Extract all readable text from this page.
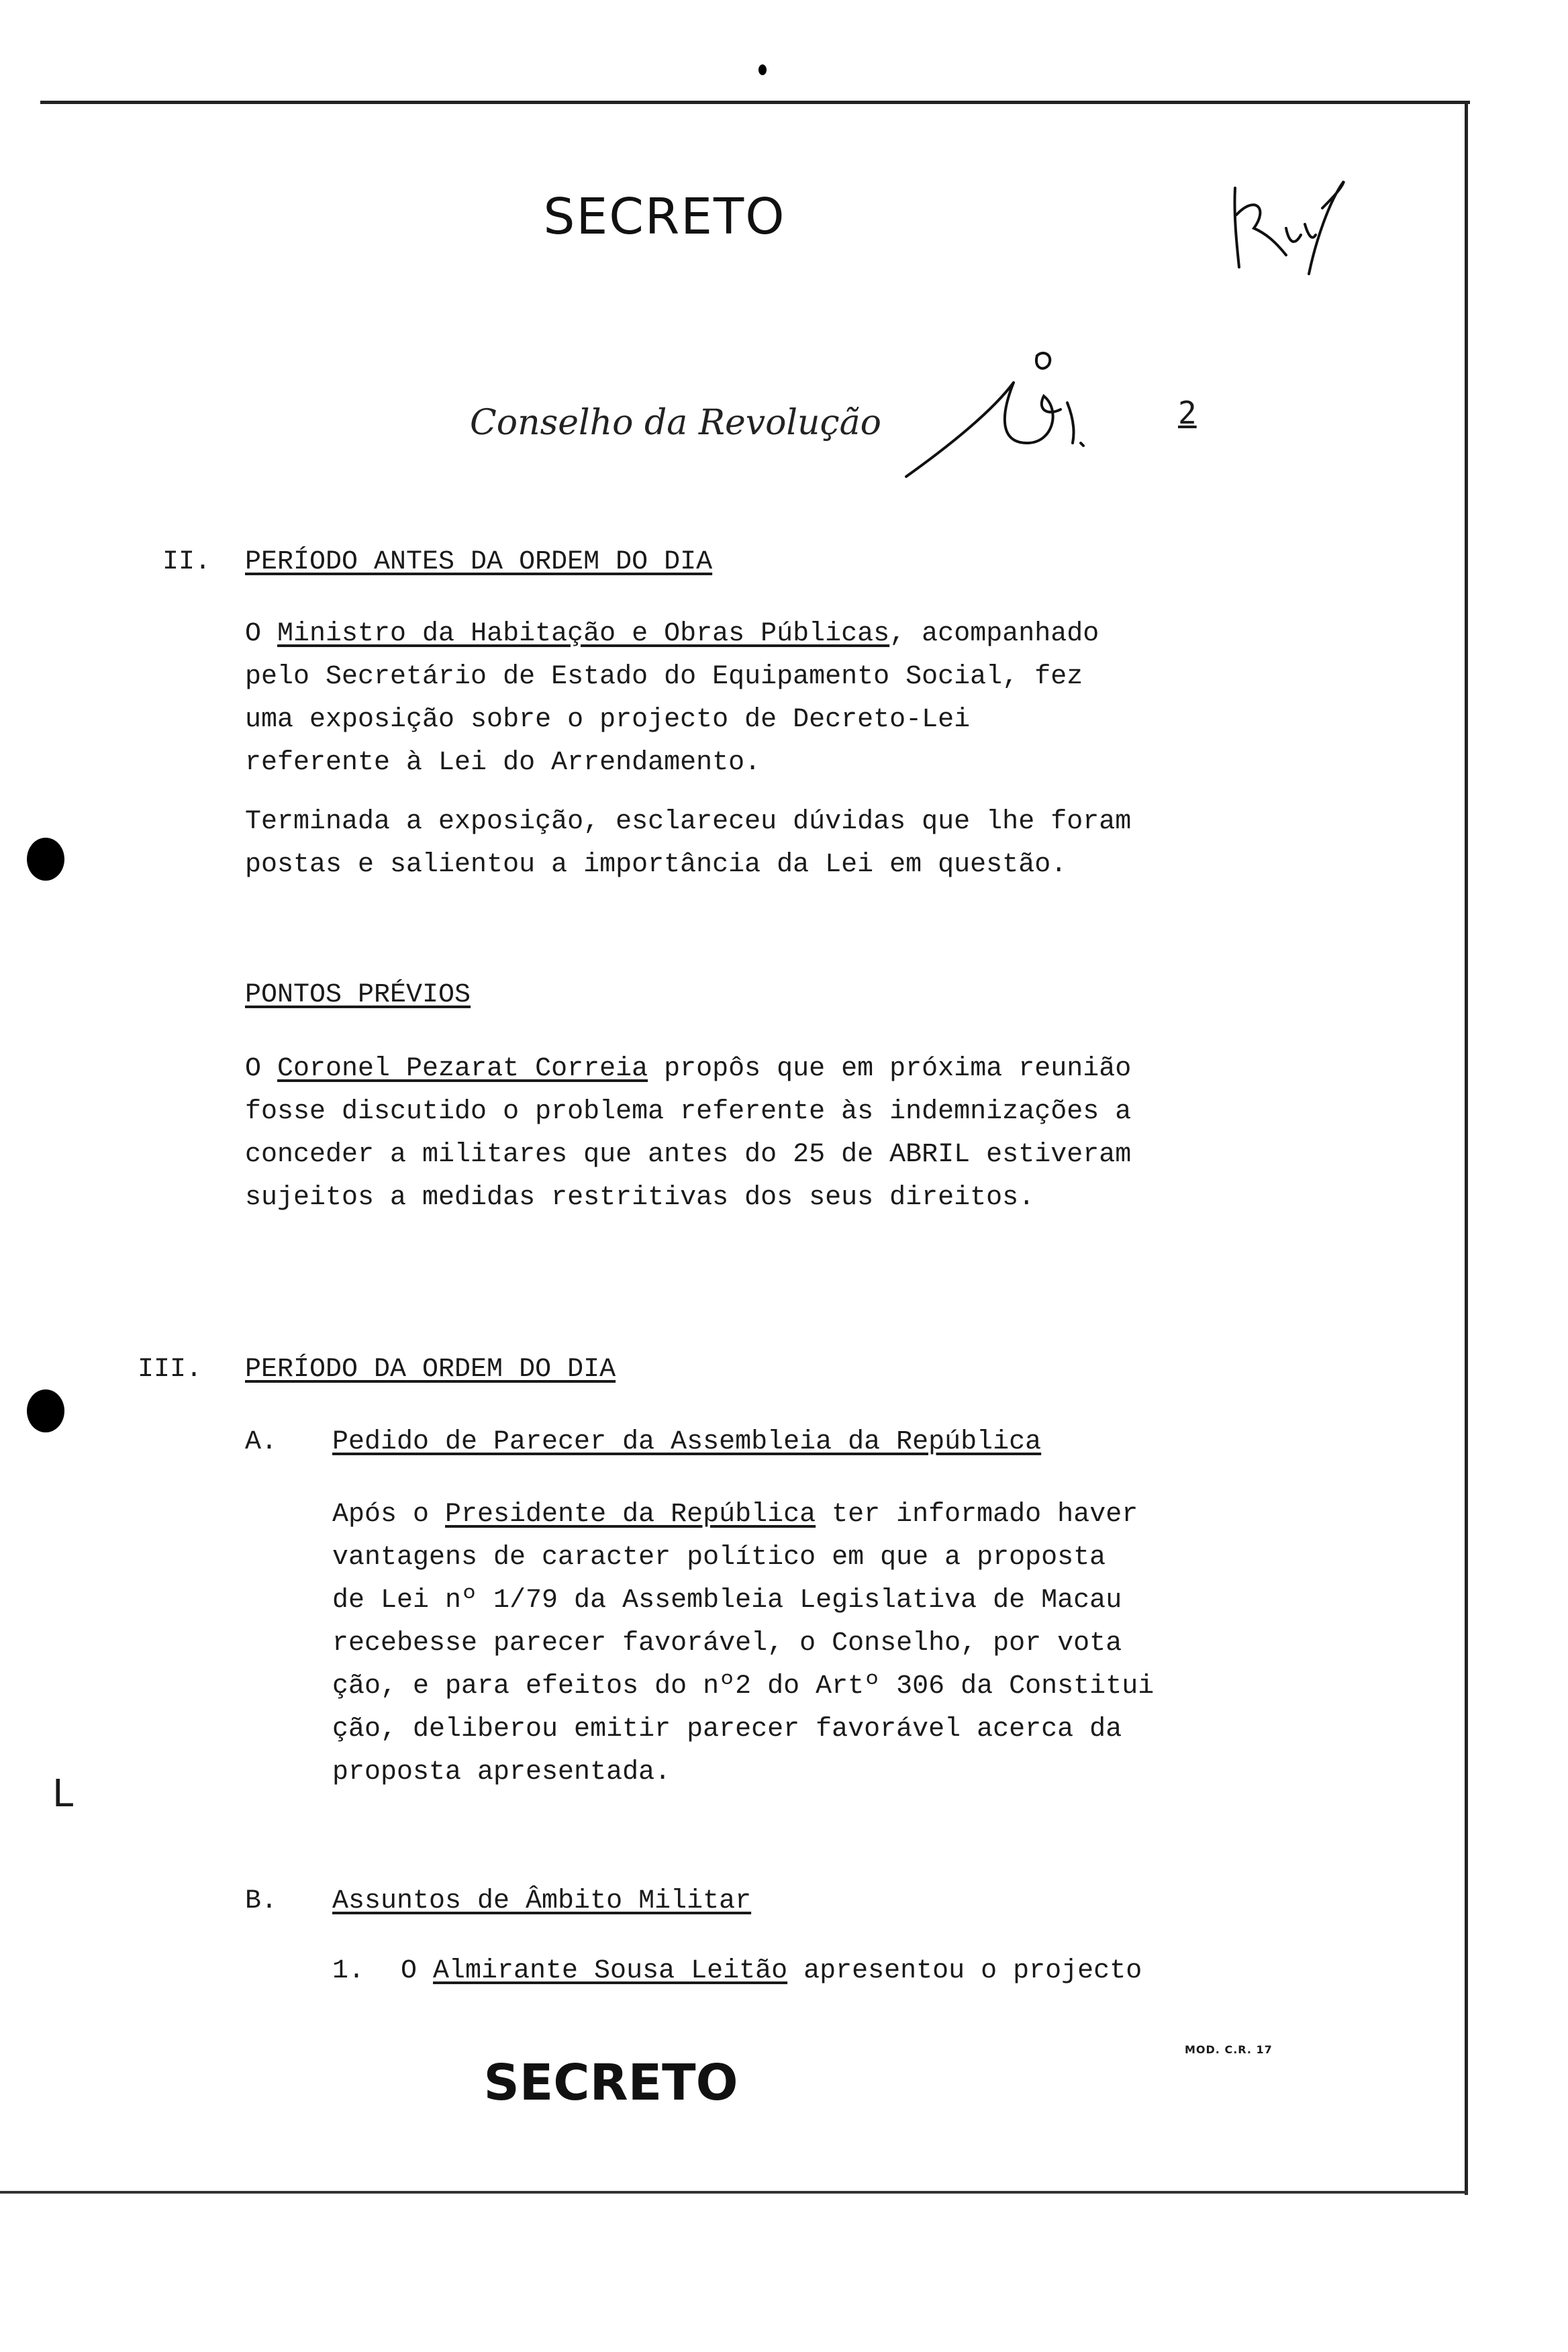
SECRETO
Conselho da Revolução	2
II. PERÍODO ANTES DA ORDEM DO DIA
O Ministro da Habitação e Obras Públicas, acompanhado
pelo Secretário de Estado do Equipamento Social, fez
uma exposição sobre o projecto de Decreto-Lei
referente à Lei do Arrendamento.
Terminada a exposição, esclareceu dúvidas que lhe foram
postas e salientou a importância da Lei em questão.
PONTOS PRÉVIOS
O Coronel Pezarat Correia propôs que em próxima reunião
fosse discutido o problema referente às indemnizações a
conceder a militares que antes do 25 de ABRIL estiveram
sujeitos a medidas restritivas dos seus direitos.
III. PERÍODO DA ORDEM DO DIA
A. Pedido de Parecer da Assembleia da República
Após o Presidente da República ter informado haver
vantagens de caracter político em que a proposta
de Lei nº 1/79 da Assembleia Legislativa de Macau
recebesse parecer favorável, o Conselho, por vota
ção, e para efeitos do nº2 do Artº 306 da Constitui
ção, deliberou emitir parecer favorável acerca da
proposta apresentada.
B. Assuntos de Âmbito Militar
1. O Almirante Sousa Leitão apresentou o projecto
L
MOD. C.R. 17
SECRETO
